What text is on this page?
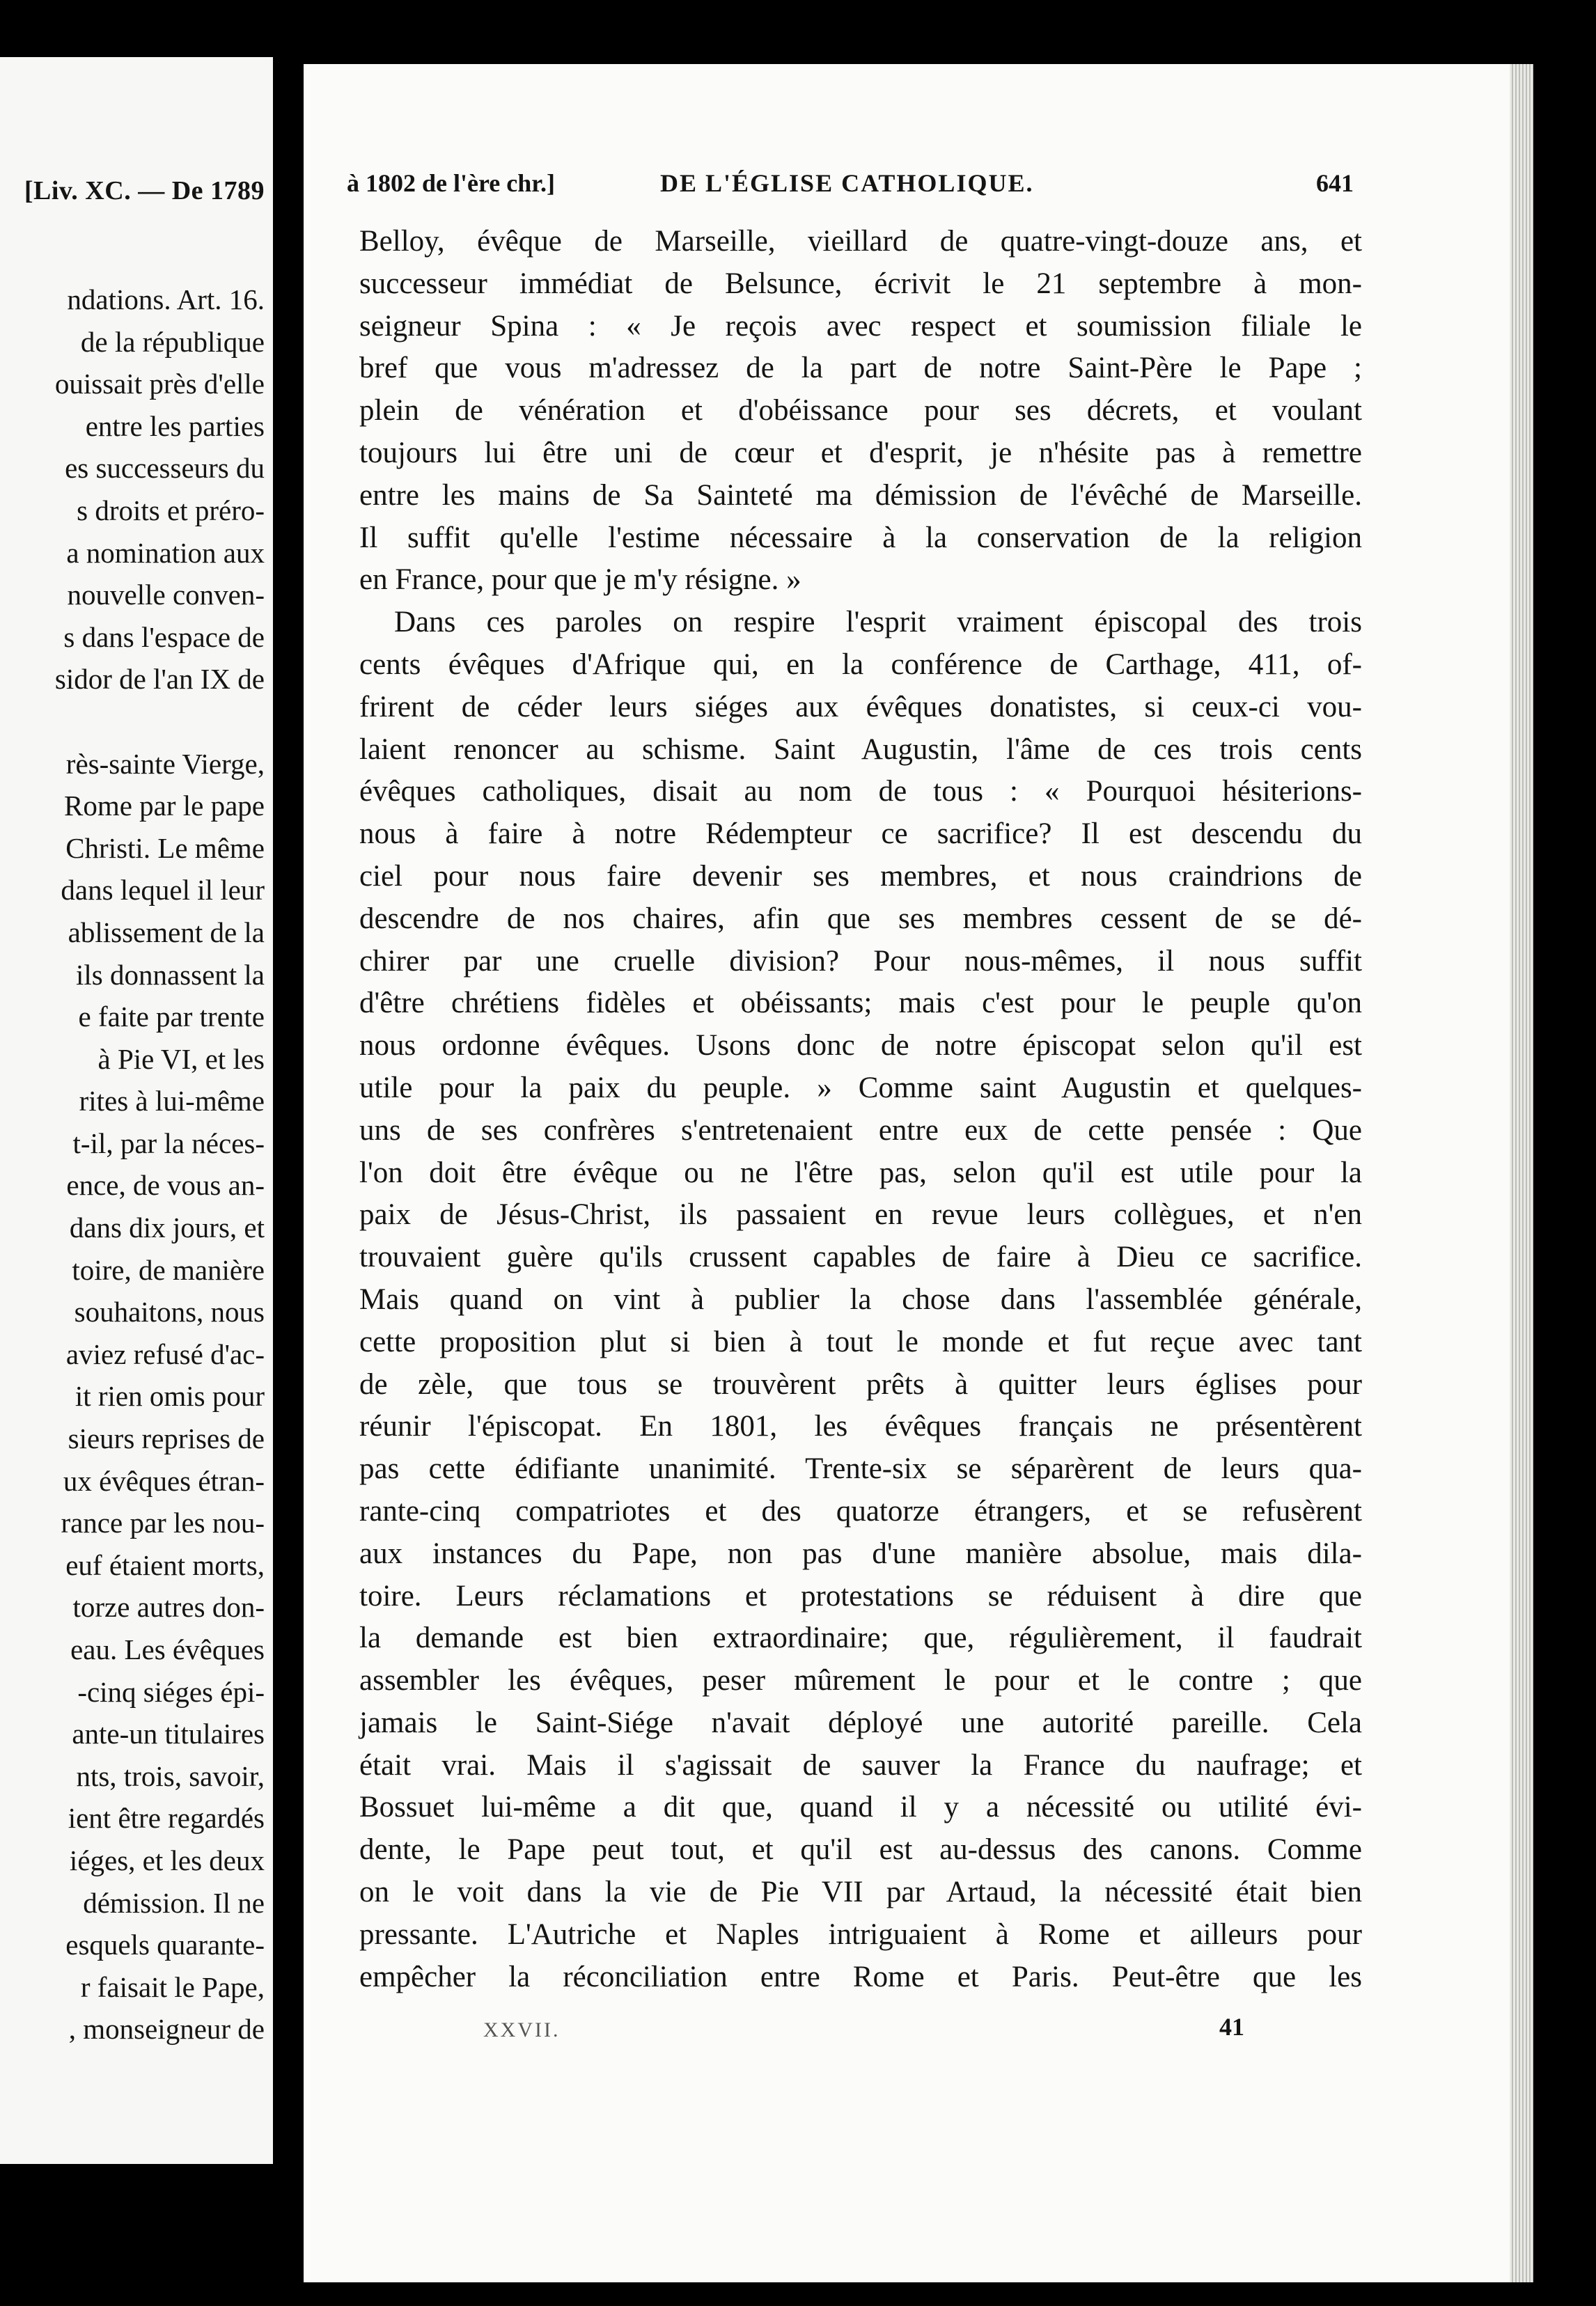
[Liv. XC. — De 1789
ndations. Art. 16.
de la république
ouissait près d'elle
entre les parties
es successeurs du
s droits et préro-
a nomination aux
nouvelle conven-
s dans l'espace de
sidor de l'an IX de
rès-sainte Vierge,
Rome par le pape
Christi. Le même
dans lequel il leur
ablissement de la
ils donnassent la
e faite par trente
à Pie VI, et les
rites à lui-même
t-il, par la néces-
ence, de vous an-
dans dix jours, et
toire, de manière
souhaitons, nous
aviez refusé d'ac-
it rien omis pour
sieurs reprises de
ux évêques étran-
rance par les nou-
euf étaient morts,
torze autres don-
eau. Les évêques
-cinq siéges épi-
ante-un titulaires
nts, trois, savoir,
ient être regardés
iéges, et les deux
démission. Il ne
esquels quarante-
r faisait le Pape,
, monseigneur de
à 1802 de l'ère chr.]	DE L'ÉGLISE CATHOLIQUE.	641
Belloy, évêque de Marseille, vieillard de quatre-vingt-douze ans, et
successeur immédiat de Belsunce, écrivit le 21 septembre à mon-
seigneur Spina : « Je reçois avec respect et soumission filiale le
bref que vous m'adressez de la part de notre Saint-Père le Pape ;
plein de vénération et d'obéissance pour ses décrets, et voulant
toujours lui être uni de cœur et d'esprit, je n'hésite pas à remettre
entre les mains de Sa Sainteté ma démission de l'évêché de Marseille.
Il suffit qu'elle l'estime nécessaire à la conservation de la religion
en France, pour que je m'y résigne. »
Dans ces paroles on respire l'esprit vraiment épiscopal des trois
cents évêques d'Afrique qui, en la conférence de Carthage, 411, of-
frirent de céder leurs siéges aux évêques donatistes, si ceux-ci vou-
laient renoncer au schisme. Saint Augustin, l'âme de ces trois cents
évêques catholiques, disait au nom de tous : « Pourquoi hésiterions-
nous à faire à notre Rédempteur ce sacrifice? Il est descendu du
ciel pour nous faire devenir ses membres, et nous craindrions de
descendre de nos chaires, afin que ses membres cessent de se dé-
chirer par une cruelle division? Pour nous-mêmes, il nous suffit
d'être chrétiens fidèles et obéissants; mais c'est pour le peuple qu'on
nous ordonne évêques. Usons donc de notre épiscopat selon qu'il est
utile pour la paix du peuple. » Comme saint Augustin et quelques-
uns de ses confrères s'entretenaient entre eux de cette pensée : Que
l'on doit être évêque ou ne l'être pas, selon qu'il est utile pour la
paix de Jésus-Christ, ils passaient en revue leurs collègues, et n'en
trouvaient guère qu'ils crussent capables de faire à Dieu ce sacrifice.
Mais quand on vint à publier la chose dans l'assemblée générale,
cette proposition plut si bien à tout le monde et fut reçue avec tant
de zèle, que tous se trouvèrent prêts à quitter leurs églises pour
réunir l'épiscopat. En 1801, les évêques français ne présentèrent
pas cette édifiante unanimité. Trente-six se séparèrent de leurs qua-
rante-cinq compatriotes et des quatorze étrangers, et se refusèrent
aux instances du Pape, non pas d'une manière absolue, mais dila-
toire. Leurs réclamations et protestations se réduisent à dire que
la demande est bien extraordinaire; que, régulièrement, il faudrait
assembler les évêques, peser mûrement le pour et le contre ; que
jamais le Saint-Siége n'avait déployé une autorité pareille. Cela
était vrai. Mais il s'agissait de sauver la France du naufrage; et
Bossuet lui-même a dit que, quand il y a nécessité ou utilité évi-
dente, le Pape peut tout, et qu'il est au-dessus des canons. Comme
on le voit dans la vie de Pie VII par Artaud, la nécessité était bien
pressante. L'Autriche et Naples intriguaient à Rome et ailleurs pour
empêcher la réconciliation entre Rome et Paris. Peut-être que les
XXVII.	41
